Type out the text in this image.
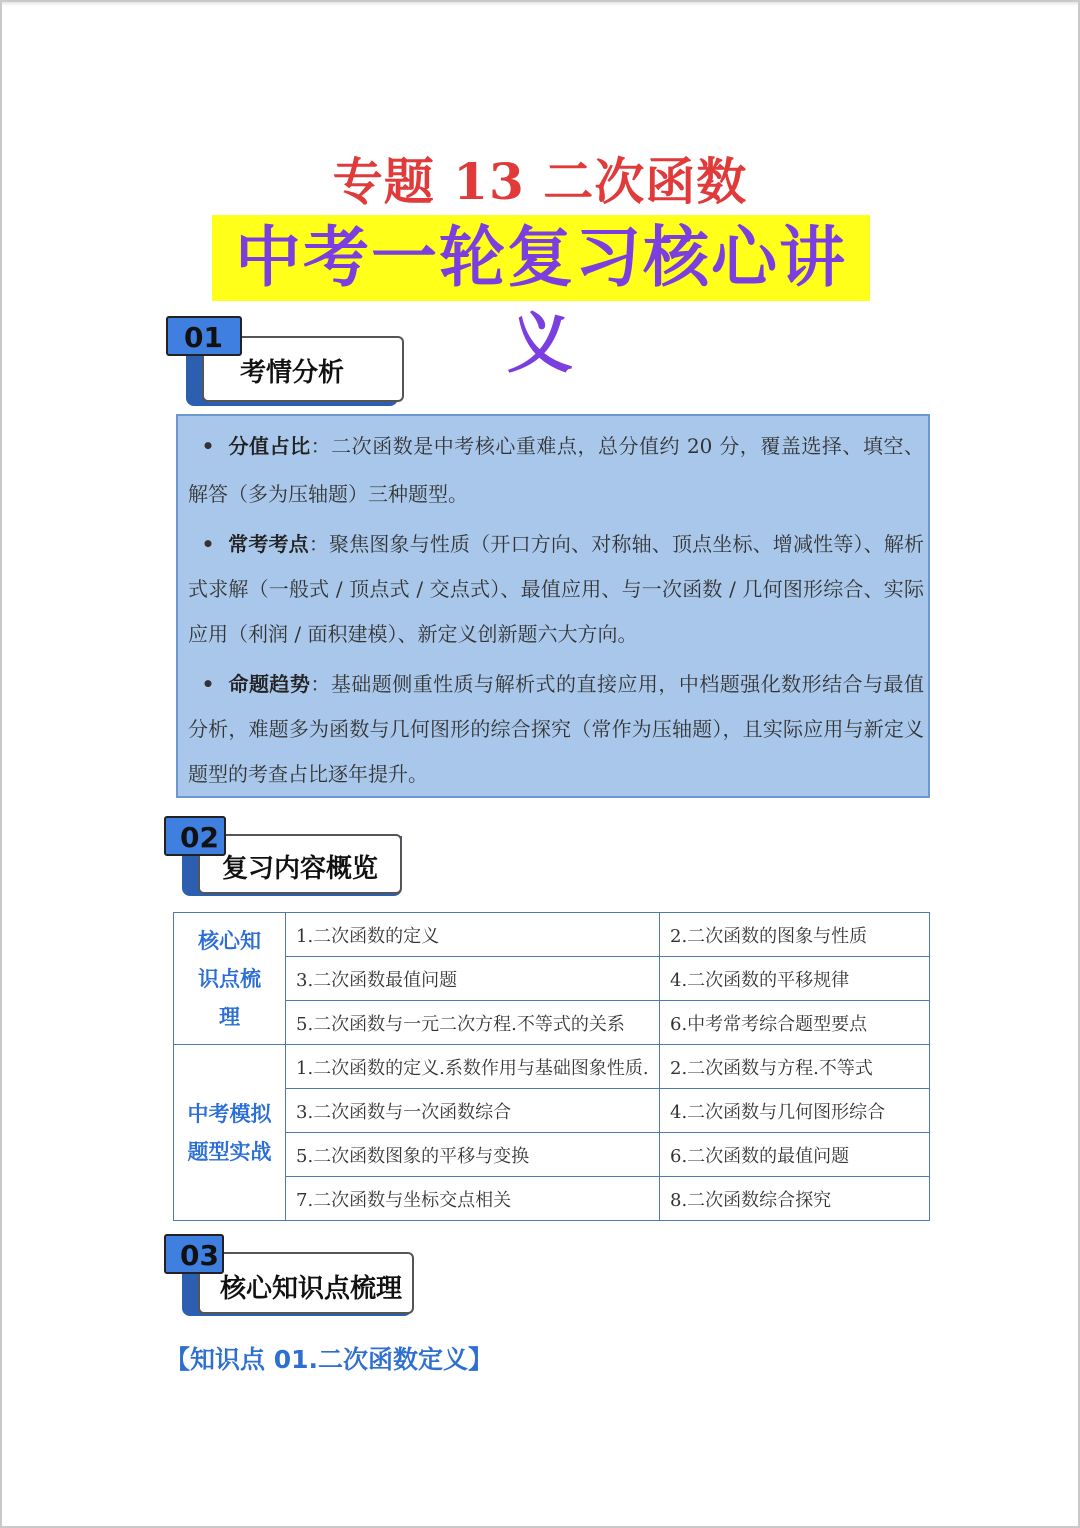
专题 13 二次函数
中考一轮复习核心讲义
01
考情分析
• 分值占比：二次函数是中考核心重难点，总分值约 20 分，覆盖选择、填空、解答（多为压轴题）三种题型。
• 常考考点：聚焦图象与性质（开口方向、对称轴、顶点坐标、增减性等）、解析式求解（一般式 / 顶点式 / 交点式）、最值应用、与一次函数 / 几何图形综合、实际应用（利润 / 面积建模）、新定义创新题六大方向。
• 命题趋势：基础题侧重性质与解析式的直接应用，中档题强化数形结合与最值分析，难题多为函数与几何图形的综合探究（常作为压轴题），且实际应用与新定义题型的考查占比逐年提升。
02
复习内容概览
核心知识点梳理	1.二次函数的定义	2.二次函数的图象与性质
	3.二次函数最值问题	4.二次函数的平移规律
	5.二次函数与一元二次方程.不等式的关系	6.中考常考综合题型要点
中考模拟题型实战	1.二次函数的定义.系数作用与基础图象性质.	2.二次函数与方程.不等式
	3.二次函数与一次函数综合	4.二次函数与几何图形综合
	5.二次函数图象的平移与变换	6.二次函数的最值问题
	7.二次函数与坐标交点相关	8.二次函数综合探究
03
核心知识点梳理
【知识点 01.二次函数定义】
